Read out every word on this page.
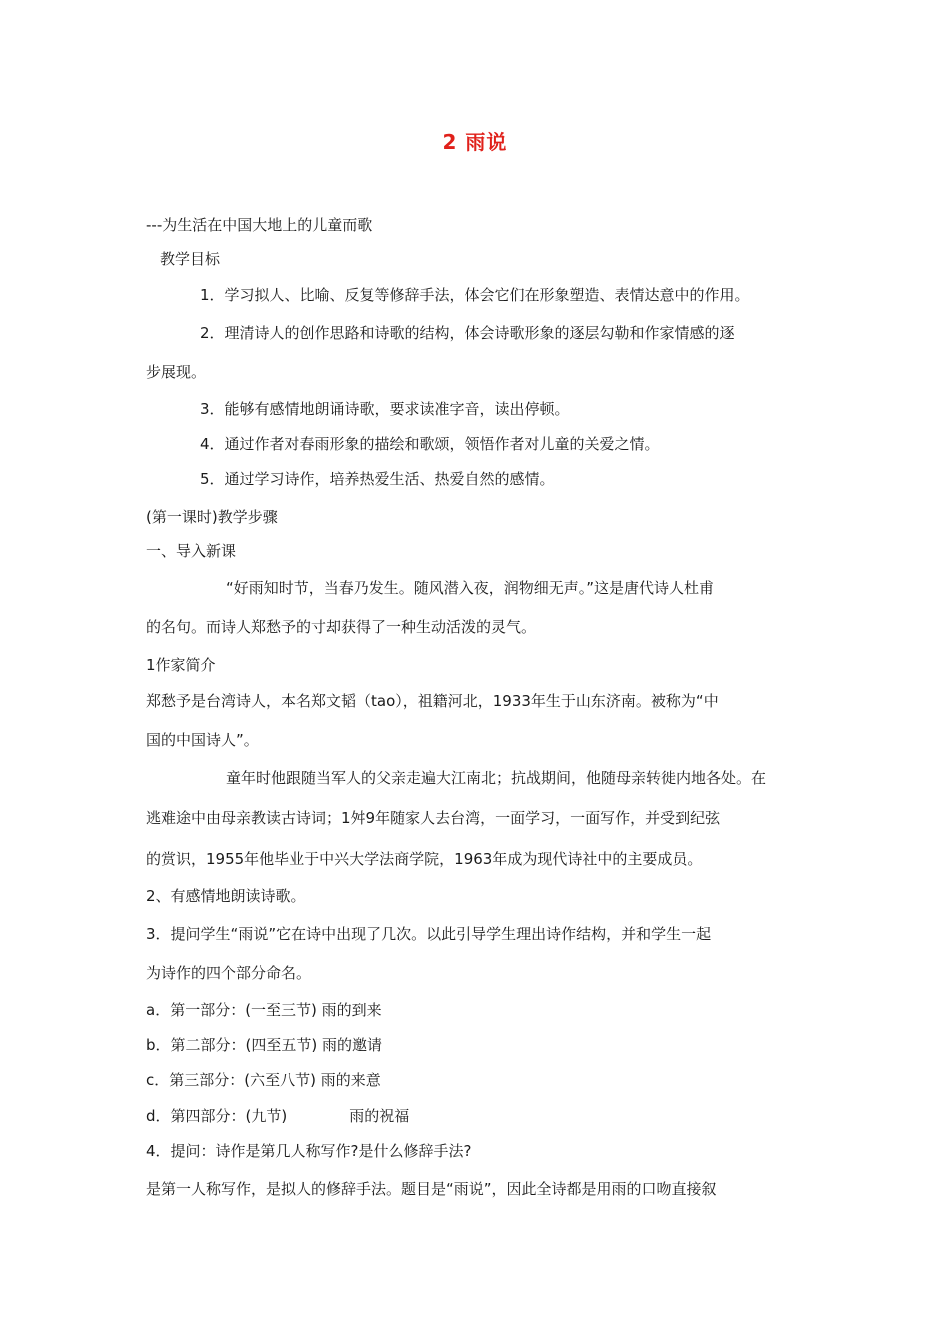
2 雨说
---为生活在中国大地上的儿童而歌
教学目标
1．学习拟人、比喻、反复等修辞手法，体会它们在形象塑造、表情达意中的作用。
2．理清诗人的创作思路和诗歌的结构，体会诗歌形象的逐层勾勒和作家情感的逐
步展现。
3．能够有感情地朗诵诗歌，要求读准字音，读出停顿。
4．通过作者对春雨形象的描绘和歌颂，领悟作者对儿童的关爱之情。
5．通过学习诗作，培养热爱生活、热爱自然的感情。
(第一课时)教学步骤
一、导入新课
“好雨知时节，当春乃发生。随风潜入夜，润物细无声。”这是唐代诗人杜甫
的名句。而诗人郑愁予的寸却获得了一种生动活泼的灵气。
1作家简介
郑愁予是台湾诗人，本名郑文韬（tao），祖籍河北，1933年生于山东济南。被称为“中
国的中国诗人”。
童年时他跟随当军人的父亲走遍大江南北；抗战期间，他随母亲转徙内地各处。在
逃难途中由母亲教读古诗词；1舛9年随家人去台湾，一面学习，一面写作，并受到纪弦
的赏识，1955年他毕业于中兴大学法商学院，1963年成为现代诗社中的主要成员。
2、有感情地朗读诗歌。
3．提问学生“雨说”它在诗中出现了几次。以此引导学生理出诗作结构，并和学生一起
为诗作的四个部分命名。
a．第一部分：(一至三节) 雨的到来
b．第二部分：(四至五节) 雨的邀请
c．第三部分：(六至八节) 雨的来意
d．第四部分：(九节)	雨的祝福
4．提问：诗作是第几人称写作?是什么修辞手法?
是第一人称写作，是拟人的修辞手法。题目是“雨说”，因此全诗都是用雨的口吻直接叙
